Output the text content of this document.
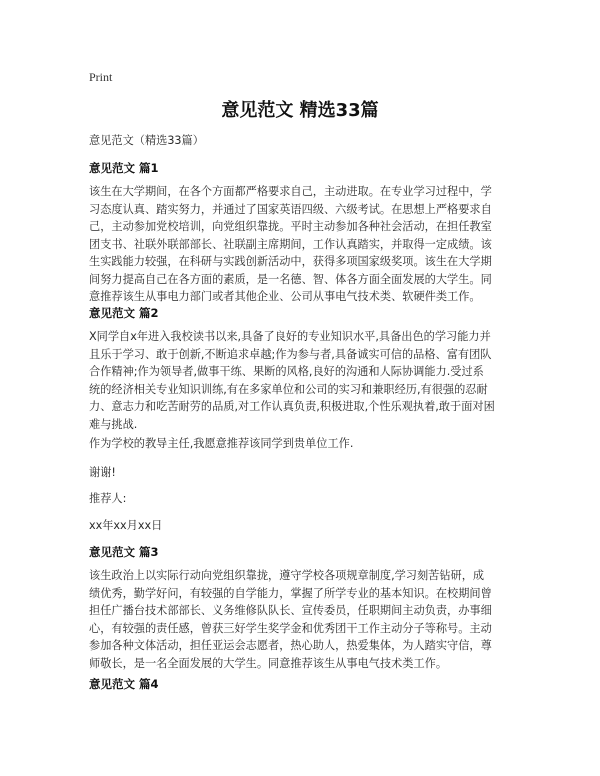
Print
意见范文 精选33篇
意见范文（精选33篇）
意见范文 篇1
该生在大学期间，在各个方面都严格要求自己，主动进取。在专业学习过程中，学
习态度认真、踏实努力，并通过了国家英语四级、六级考试。在思想上严格要求自
己，主动参加党校培训，向党组织靠拢。平时主动参加各种社会活动，在担任教室
团支书、社联外联部部长、社联副主席期间，工作认真踏实，并取得一定成绩。该
生实践能力较强，在科研与实践创新活动中，获得多项国家级奖项。该生在大学期
间努力提高自己在各方面的素质，是一名德、智、体各方面全面发展的大学生。同
意推荐该生从事电力部门或者其他企业、公司从事电气技术类、软硬件类工作。
意见范文 篇2
X同学自x年进入我校读书以来,具备了良好的专业知识水平,具备出色的学习能力并
且乐于学习、敢于创新,不断追求卓越;作为参与者,具备诚实可信的品格、富有团队
合作精神;作为领导者,做事干练、果断的风格,良好的沟通和人际协调能力.受过系
统的经济相关专业知识训练,有在多家单位和公司的实习和兼职经历,有很强的忍耐
力、意志力和吃苦耐劳的品质,对工作认真负责,积极进取,个性乐观执着,敢于面对困
难与挑战.
作为学校的教导主任,我愿意推荐该同学到贵单位工作.
谢谢!
推荐人:
xx年xx月xx日
意见范文 篇3
该生政治上以实际行动向党组织靠拢，遵守学校各项规章制度,学习刻苦钻研，成
绩优秀，勤学好问，有较强的自学能力，掌握了所学专业的基本知识。在校期间曾
担任广播台技术部部长、义务维修队队长、宣传委员，任职期间主动负责，办事细
心，有较强的责任感，曾获三好学生奖学金和优秀团干工作主动分子等称号。主动
参加各种文体活动，担任亚运会志愿者，热心助人，热爱集体，为人踏实守信，尊
师敬长，是一名全面发展的大学生。同意推荐该生从事电气技术类工作。
意见范文 篇4
